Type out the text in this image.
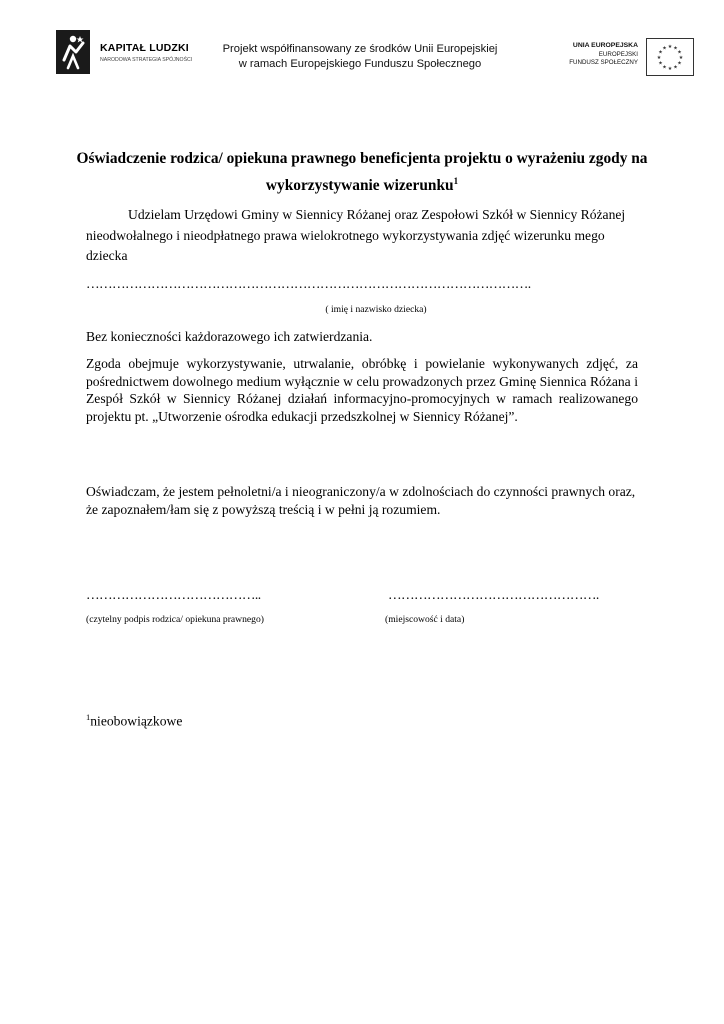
KAPITAŁ LUDZKI
NARODOWA STRATEGIA SPÓJNOŚCI
Projekt współfinansowany ze środków Unii Europejskiej
w ramach Europejskiego Funduszu Społecznego
UNIA EUROPEJSKA
EUROPEJSKI
FUNDUSZ SPOŁECZNY
★ ★
★
★
★
★
★
★
★
★
★
★
Oświadczenie rodzica/ opiekuna prawnego beneficjenta projektu o wyrażeniu zgody na wykorzystywanie wizerunku$^1$
Udzielam Urzędowi Gminy w Siennicy Różanej oraz Zespołowi Szkół w Siennicy Różanej nieodwołalnego i nieodpłatnego prawa wielokrotnego wykorzystywania zdjęć wizerunku mego dziecka
………………………………………………………………………………………….
( imię i nazwisko dziecka)
Bez konieczności każdorazowego ich zatwierdzania.
Zgoda obejmuje wykorzystywanie, utrwalanie, obróbkę i powielanie wykonywanych zdjęć, za pośrednictwem dowolnego medium wyłącznie w celu prowadzonych przez Gminę Siennica Różana i Zespół Szkół w Siennicy Różanej działań informacyjno-promocyjnych w ramach realizowanego projektu pt. „Utworzenie ośrodka edukacji przedszkolnej w Siennicy Różanej”.
Oświadczam, że jestem pełnoletni/a i nieograniczony/a w zdolnościach do czynności prawnych oraz, że zapoznałem/łam się z powyższą treścią i w pełni ją rozumiem.
…………………………………..	………………………………………….
(czytelny podpis rodzica/ opiekuna prawnego)	(miejscowość i data)
$^1$nieobowiązkowe
